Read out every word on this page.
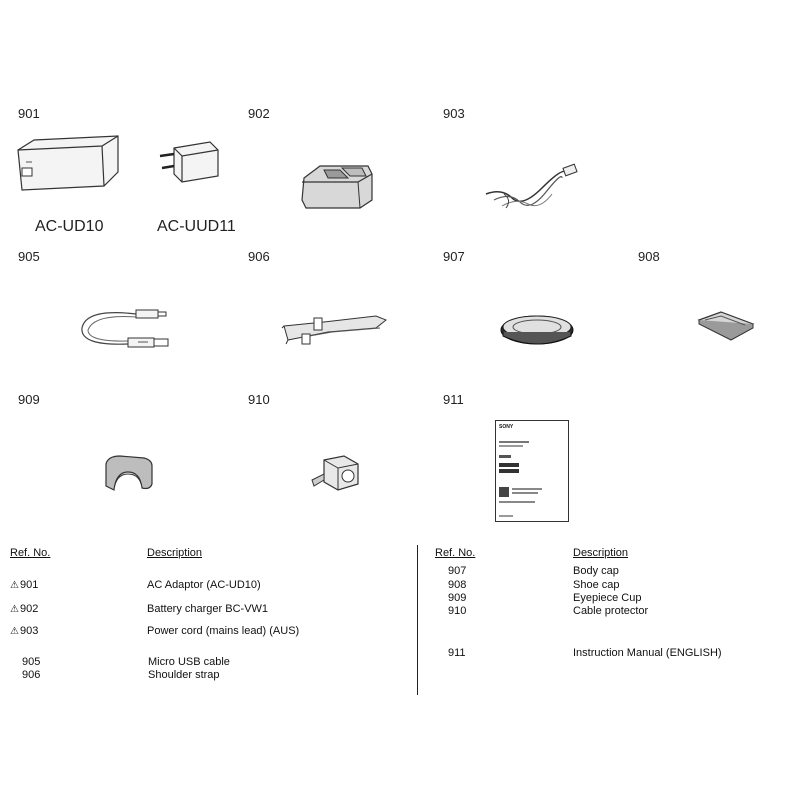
901	902	903
905	906	907	908
909	910	911
AC-UD10	AC-UUD11
SONY
Ref. No.	Description
⚠901	AC Adaptor (AC-UD10)
⚠902	Battery charger BC-VW1
⚠903	Power cord (mains lead) (AUS)
905	Micro USB cable
906	Shoulder strap
Ref. No.	Description
907	Body cap
908	Shoe cap
909	Eyepiece Cup
910	Cable protector
911	Instruction Manual (ENGLISH)
